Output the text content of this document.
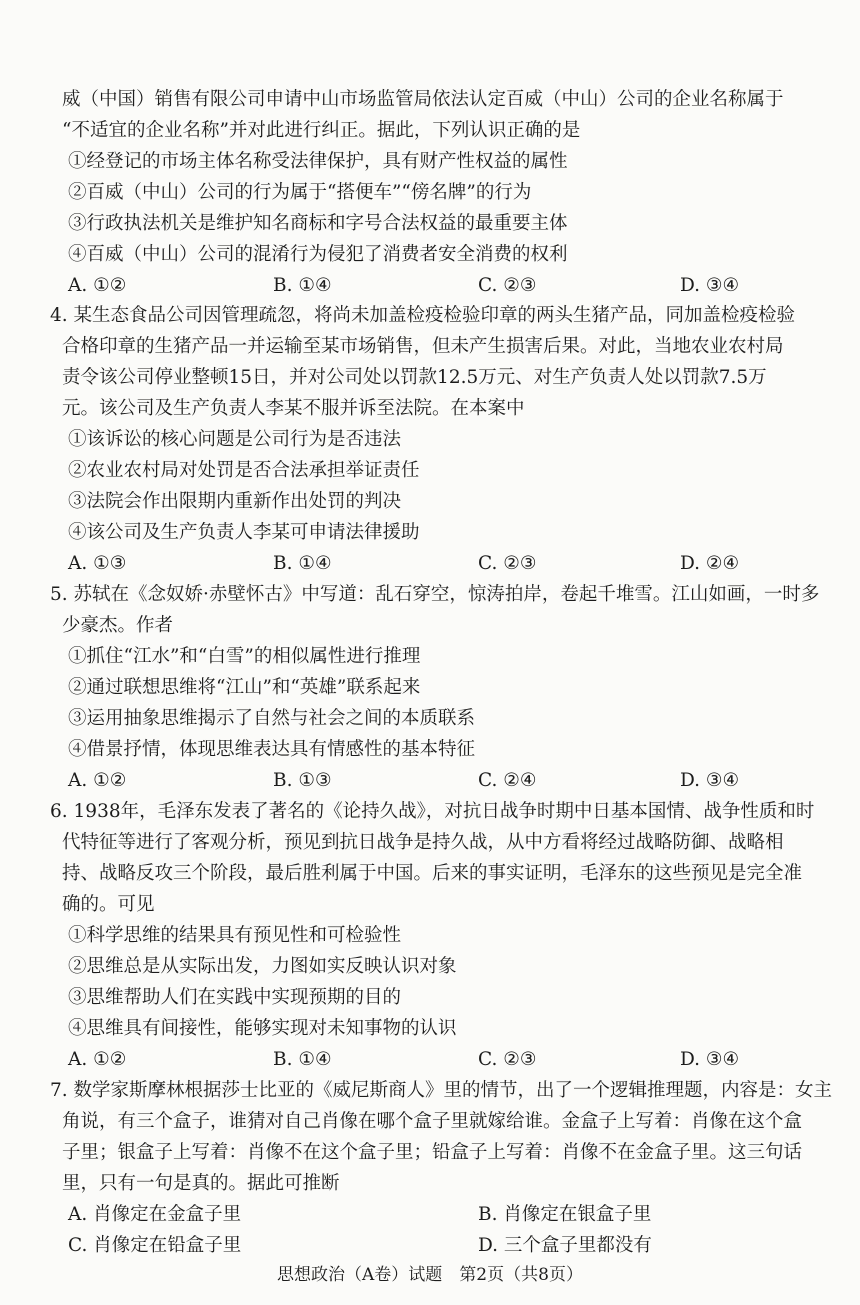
威（中国）销售有限公司申请中山市场监管局依法认定百威（中山）公司的企业名称属于
“不适宜的企业名称”并对此进行纠正。据此，下列认识正确的是
①经登记的市场主体名称受法律保护，具有财产性权益的属性
②百威（中山）公司的行为属于“搭便车”“傍名牌”的行为
③行政执法机关是维护知名商标和字号合法权益的最重要主体
④百威（中山）公司的混淆行为侵犯了消费者安全消费的权利
A. ①②	B. ①④	C. ②③	D. ③④
4. 某生态食品公司因管理疏忽，将尚未加盖检疫检验印章的两头生猪产品，同加盖检疫检验
合格印章的生猪产品一并运输至某市场销售，但未产生损害后果。对此，当地农业农村局
责令该公司停业整顿15日，并对公司处以罚款12.5万元、对生产负责人处以罚款7.5万
元。该公司及生产负责人李某不服并诉至法院。在本案中
①该诉讼的核心问题是公司行为是否违法
②农业农村局对处罚是否合法承担举证责任
③法院会作出限期内重新作出处罚的判决
④该公司及生产负责人李某可申请法律援助
A. ①③	B. ①④	C. ②③	D. ②④
5. 苏轼在《念奴娇·赤壁怀古》中写道：乱石穿空，惊涛拍岸，卷起千堆雪。江山如画，一时多
少豪杰。作者
①抓住“江水”和“白雪”的相似属性进行推理
②通过联想思维将“江山”和“英雄”联系起来
③运用抽象思维揭示了自然与社会之间的本质联系
④借景抒情，体现思维表达具有情感性的基本特征
A. ①②	B. ①③	C. ②④	D. ③④
6. 1938年，毛泽东发表了著名的《论持久战》，对抗日战争时期中日基本国情、战争性质和时
代特征等进行了客观分析，预见到抗日战争是持久战，从中方看将经过战略防御、战略相
持、战略反攻三个阶段，最后胜利属于中国。后来的事实证明，毛泽东的这些预见是完全准
确的。可见
①科学思维的结果具有预见性和可检验性
②思维总是从实际出发，力图如实反映认识对象
③思维帮助人们在实践中实现预期的目的
④思维具有间接性，能够实现对未知事物的认识
A. ①②	B. ①④	C. ②③	D. ③④
7. 数学家斯摩林根据莎士比亚的《威尼斯商人》里的情节，出了一个逻辑推理题，内容是：女主
角说，有三个盒子，谁猜对自己肖像在哪个盒子里就嫁给谁。金盒子上写着：肖像在这个盒
子里；银盒子上写着：肖像不在这个盒子里；铅盒子上写着：肖像不在金盒子里。这三句话
里，只有一句是真的。据此可推断
A. 肖像定在金盒子里	B. 肖像定在银盒子里
C. 肖像定在铅盒子里	D. 三个盒子里都没有
思想政治（A卷）试题　第2页（共8页）
